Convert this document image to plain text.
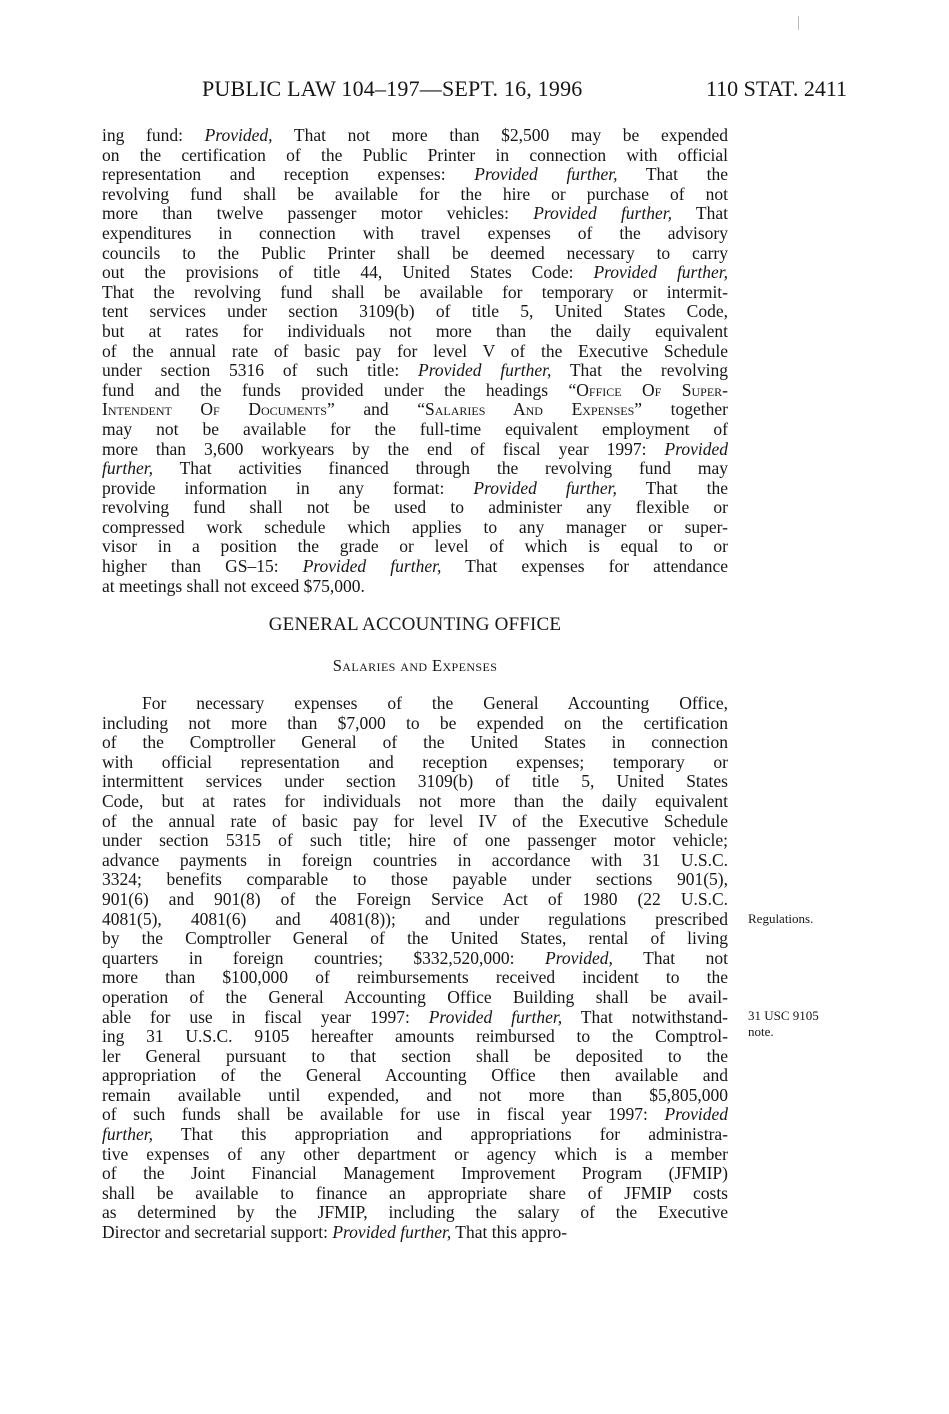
PUBLIC LAW 104–197—SEPT. 16, 1996	110 STAT. 2411
ing fund: Provided, That not more than $2,500 may be expended
on the certification of the Public Printer in connection with official
representation and reception expenses: Provided further, That the
revolving fund shall be available for the hire or purchase of not
more than twelve passenger motor vehicles: Provided further, That
expenditures in connection with travel expenses of the advisory
councils to the Public Printer shall be deemed necessary to carry
out the provisions of title 44, United States Code: Provided further,
That the revolving fund shall be available for temporary or intermit-
tent services under section 3109(b) of title 5, United States Code,
but at rates for individuals not more than the daily equivalent
of the annual rate of basic pay for level V of the Executive Schedule
under section 5316 of such title: Provided further, That the revolving
fund and the funds provided under the headings “Office Of Super-
Intendent Of Documents” and “Salaries And Expenses” together
may not be available for the full-time equivalent employment of
more than 3,600 workyears by the end of fiscal year 1997: Provided
further, That activities financed through the revolving fund may
provide information in any format: Provided further, That the
revolving fund shall not be used to administer any flexible or
compressed work schedule which applies to any manager or super-
visor in a position the grade or level of which is equal to or
higher than GS–15: Provided further, That expenses for attendance
at meetings shall not exceed $75,000.
GENERAL ACCOUNTING OFFICE
Salaries and Expenses
For necessary expenses of the General Accounting Office,
including not more than $7,000 to be expended on the certification
of the Comptroller General of the United States in connection
with official representation and reception expenses; temporary or
intermittent services under section 3109(b) of title 5, United States
Code, but at rates for individuals not more than the daily equivalent
of the annual rate of basic pay for level IV of the Executive Schedule
under section 5315 of such title; hire of one passenger motor vehicle;
advance payments in foreign countries in accordance with 31 U.S.C.
3324; benefits comparable to those payable under sections 901(5),
901(6) and 901(8) of the Foreign Service Act of 1980 (22 U.S.C.
4081(5), 4081(6) and 4081(8)); and under regulations prescribed
by the Comptroller General of the United States, rental of living
quarters in foreign countries; $332,520,000: Provided, That not
more than $100,000 of reimbursements received incident to the
operation of the General Accounting Office Building shall be avail-
able for use in fiscal year 1997: Provided further, That notwithstand-
ing 31 U.S.C. 9105 hereafter amounts reimbursed to the Comptrol-
ler General pursuant to that section shall be deposited to the
appropriation of the General Accounting Office then available and
remain available until expended, and not more than $5,805,000
of such funds shall be available for use in fiscal year 1997: Provided
further, That this appropriation and appropriations for administra-
tive expenses of any other department or agency which is a member
of the Joint Financial Management Improvement Program (JFMIP)
shall be available to finance an appropriate share of JFMIP costs
as determined by the JFMIP, including the salary of the Executive
Director and secretarial support: Provided further, That this appro-
Regulations.
31 USC 9105
note.
